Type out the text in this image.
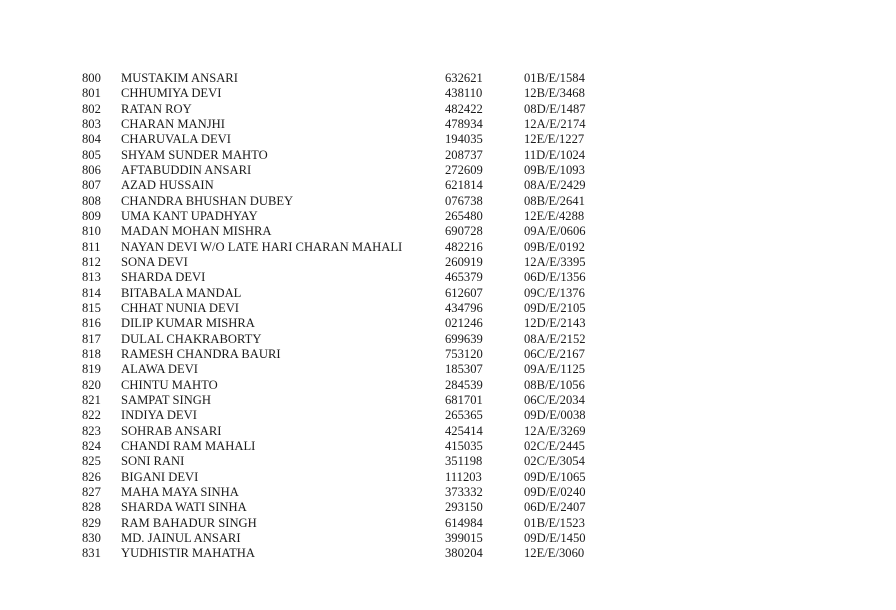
800 MUSTAKIM ANSARI	632621	01B/E/1584
801 CHHUMIYA DEVI	438110	12B/E/3468
802 RATAN ROY	482422	08D/E/1487
803 CHARAN MANJHI	478934	12A/E/2174
804 CHARUVALA DEVI	194035	12E/E/1227
805 SHYAM SUNDER MAHTO	208737	11D/E/1024
806 AFTABUDDIN ANSARI	272609	09B/E/1093
807 AZAD HUSSAIN	621814	08A/E/2429
808 CHANDRA BHUSHAN DUBEY	076738	08B/E/2641
809 UMA KANT UPADHYAY	265480	12E/E/4288
810 MADAN MOHAN MISHRA	690728	09A/E/0606
811 NAYAN DEVI W/O LATE HARI CHARAN MAHALI	482216	09B/E/0192
812 SONA DEVI	260919	12A/E/3395
813 SHARDA DEVI	465379	06D/E/1356
814 BITABALA MANDAL	612607	09C/E/1376
815 CHHAT NUNIA DEVI	434796	09D/E/2105
816 DILIP KUMAR MISHRA	021246	12D/E/2143
817 DULAL CHAKRABORTY	699639	08A/E/2152
818 RAMESH CHANDRA BAURI	753120	06C/E/2167
819 ALAWA DEVI	185307	09A/E/1125
820 CHINTU MAHTO	284539	08B/E/1056
821 SAMPAT SINGH	681701	06C/E/2034
822 INDIYA DEVI	265365	09D/E/0038
823 SOHRAB ANSARI	425414	12A/E/3269
824 CHANDI RAM MAHALI	415035	02C/E/2445
825 SONI RANI	351198	02C/E/3054
826 BIGANI DEVI	111203	09D/E/1065
827 MAHA MAYA SINHA	373332	09D/E/0240
828 SHARDA WATI SINHA	293150	06D/E/2407
829 RAM BAHADUR SINGH	614984	01B/E/1523
830 MD. JAINUL ANSARI	399015	09D/E/1450
831 YUDHISTIR MAHATHA	380204	12E/E/3060
